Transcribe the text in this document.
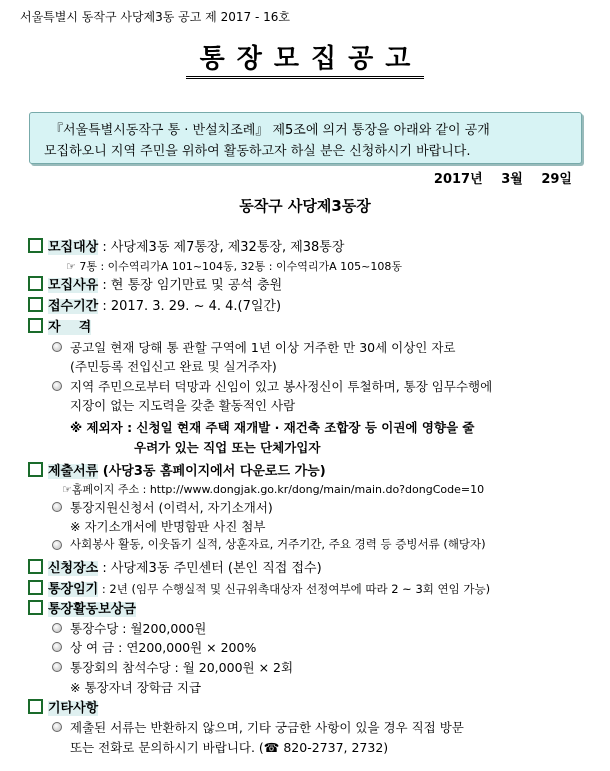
서울특별시 동작구 사당제3동 공고 제 2017 - 16호
통장모집공고
『서울특별시동작구 통 · 반설치조례』 제5조에 의거 통장을 아래와 같이 공개
모집하오니 지역 주민을 위하여 활동하고자 하실 분은 신청하시기 바랍니다.
2017년 3월 29일
동작구 사당제3동장
모집대상 : 사당제3동 제7통장, 제32통장, 제38통장
☞ 7통 : 이수역리가A 101~104동, 32통 : 이수역리가A 105~108동
모집사유 : 현 통장 임기만료 및 공석 충원
접수기간 : 2017. 3. 29. ~ 4. 4.(7일간)
자    격
공고일 현재 당해 통 관할 구역에 1년 이상 거주한 만 30세 이상인 자로
(주민등록 전입신고 완료 및 실거주자)
지역 주민으로부터 덕망과 신임이 있고 봉사정신이 투철하며, 통장 임무수행에
지장이 없는 지도력을 갖춘 활동적인 사람
※ 제외자 : 신청일 현재 주택 재개발 · 재건축 조합장 등 이권에 영향을 줄
우려가 있는 직업 또는 단체가입자
제출서류 (사당3동 홈페이지에서 다운로드 가능)
☞홈페이지 주소 : http://www.dongjak.go.kr/dong/main/main.do?dongCode=10
통장지원신청서 (이력서, 자기소개서)
※ 자기소개서에 반명함판 사진 첨부
사회봉사 활동, 이웃돕기 실적, 상훈자료, 거주기간, 주요 경력 등 증빙서류 (해당자)
신청장소 : 사당제3동 주민센터 (본인 직접 접수)
통장임기 : 2년 (임무 수행실적 및 신규위촉대상자 선정여부에 따라 2 ~ 3회 연임 가능)
통장활동보상금
통장수당 : 월200,000원
상 여 금 : 연200,000원 × 200%
통장회의 참석수당 : 월 20,000원 × 2회
※ 통장자녀 장학금 지급
기타사항
제출된 서류는 반환하지 않으며, 기타 궁금한 사항이 있을 경우 직접 방문
또는 전화로 문의하시기 바랍니다. (☎ 820-2737, 2732)
